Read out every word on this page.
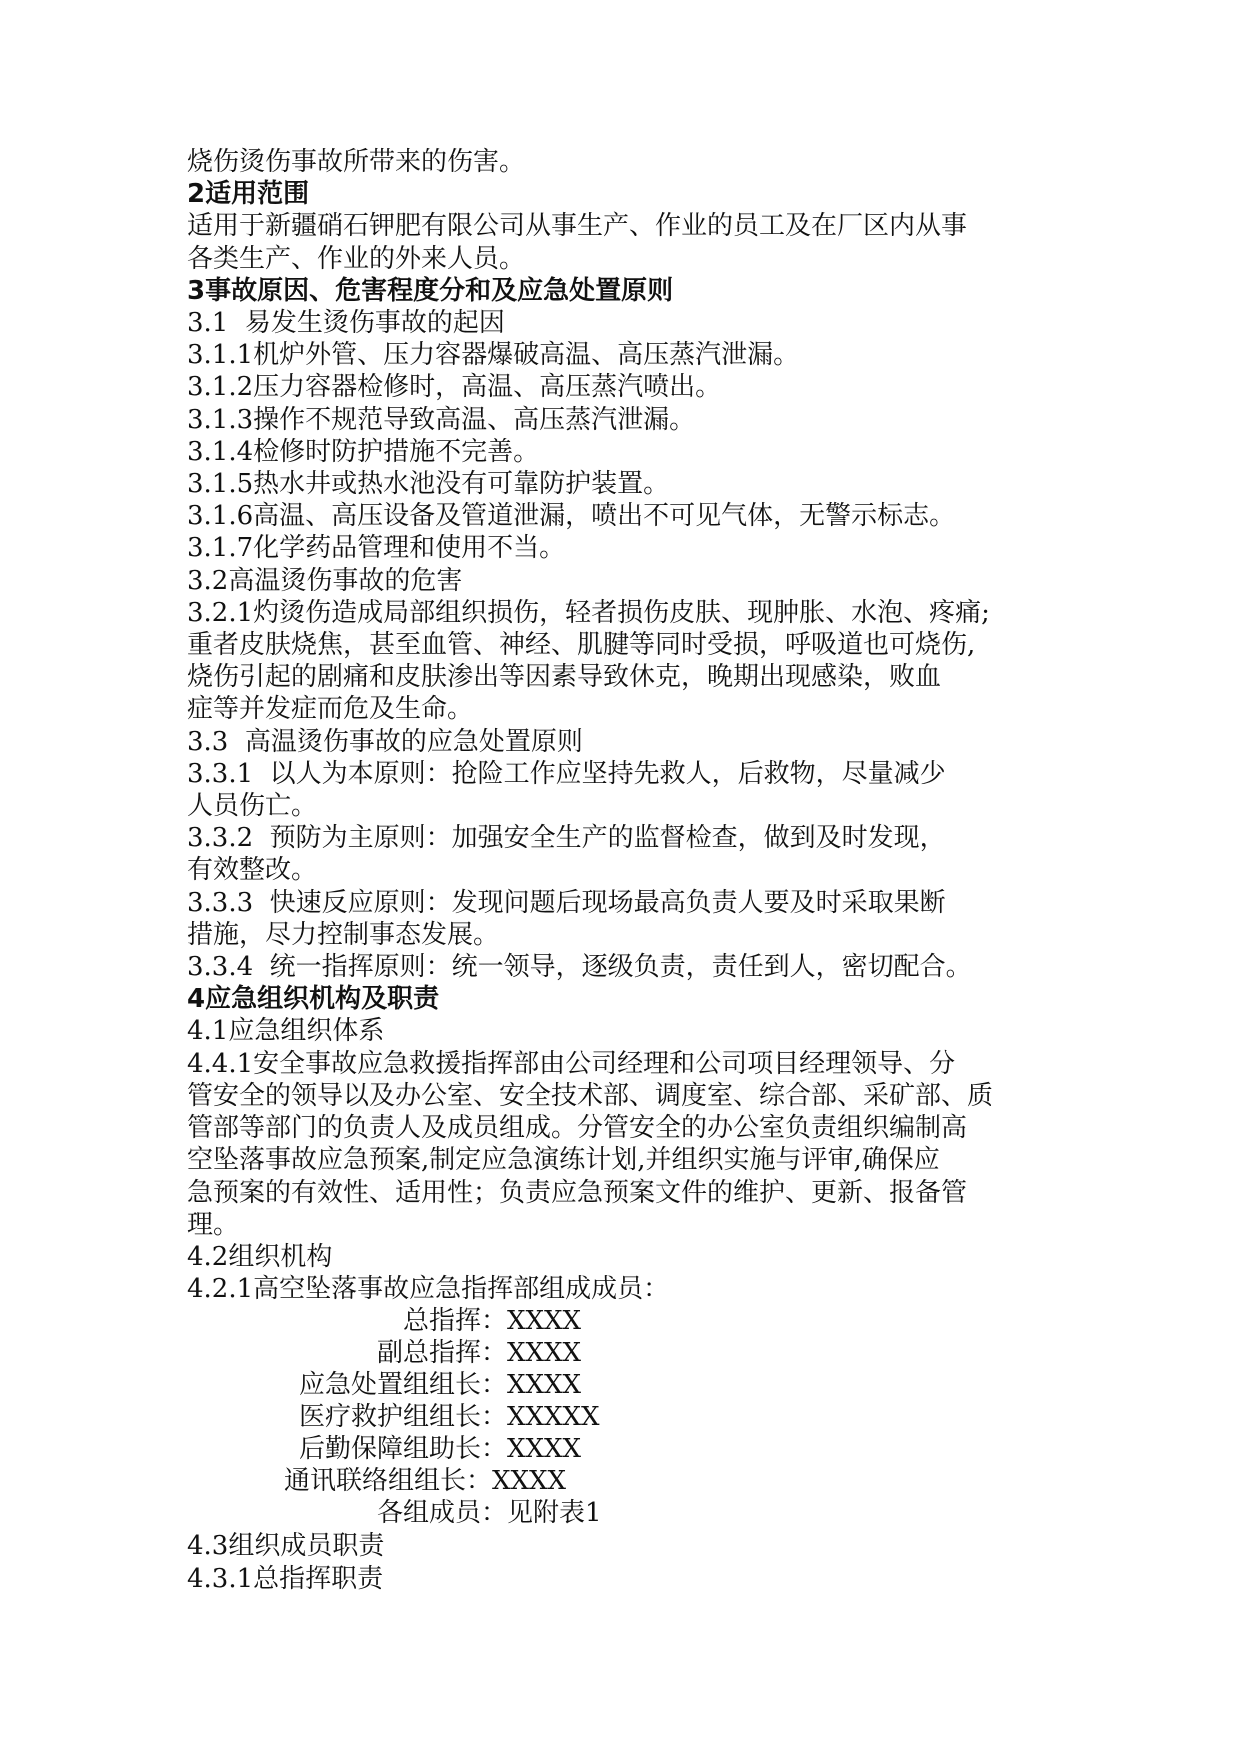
烧伤烫伤事故所带来的伤害。

2适用范围

适用于新疆硝石钾肥有限公司从事生产、作业的员工及在厂区内从事

各类生产、作业的外来人员。

3事故原因、危害程度分和及应急处置原则

3.1  易发生烫伤事故的起因

3.1.1机炉外管、压力容器爆破高温、高压蒸汽泄漏。

3.1.2压力容器检修时，高温、高压蒸汽喷出。

3.1.3操作不规范导致高温、高压蒸汽泄漏。

3.1.4检修时防护措施不完善。

3.1.5热水井或热水池没有可靠防护装置。

3.1.6高温、高压设备及管道泄漏，喷出不可见气体，无警示标志。

3.1.7化学药品管理和使用不当。

3.2高温烫伤事故的危害

3.2.1灼烫伤造成局部组织损伤，轻者损伤皮肤、现肿胀、水泡、疼痛;

重者皮肤烧焦，甚至血管、神经、肌腱等同时受损，呼吸道也可烧伤,

烧伤引起的剧痛和皮肤渗出等因素导致休克，晚期出现感染，败血

症等并发症而危及生命。

3.3  高温烫伤事故的应急处置原则

3.3.1  以人为本原则：抢险工作应坚持先救人，后救物，尽量减少

人员伤亡。

3.3.2  预防为主原则：加强安全生产的监督检查，做到及时发现，

有效整改。

3.3.3  快速反应原则：发现问题后现场最高负责人要及时采取果断

措施，尽力控制事态发展。

3.3.4  统一指挥原则：统一领导，逐级负责，责任到人，密切配合。

4应急组织机构及职责

4.1应急组织体系

4.4.1安全事故应急救援指挥部由公司经理和公司项目经理领导、分

管安全的领导以及办公室、安全技术部、调度室、综合部、采矿部、质

管部等部门的负责人及成员组成。分管安全的办公室负责组织编制高

空坠落事故应急预案,制定应急演练计划,并组织实施与评审,确保应

急预案的有效性、适用性；负责应急预案文件的维护、更新、报备管

理。

4.2组织机构

4.2.1高空坠落事故应急指挥部组成成员：

总指挥：XXXX
副总指挥：XXXX
应急处置组组长：XXXX
医疗救护组组长：XXXXX
后勤保障组助长：XXXX
通讯联络组组长：XXXX
各组成员：见附表1

4.3组织成员职责

4.3.1总指挥职责
